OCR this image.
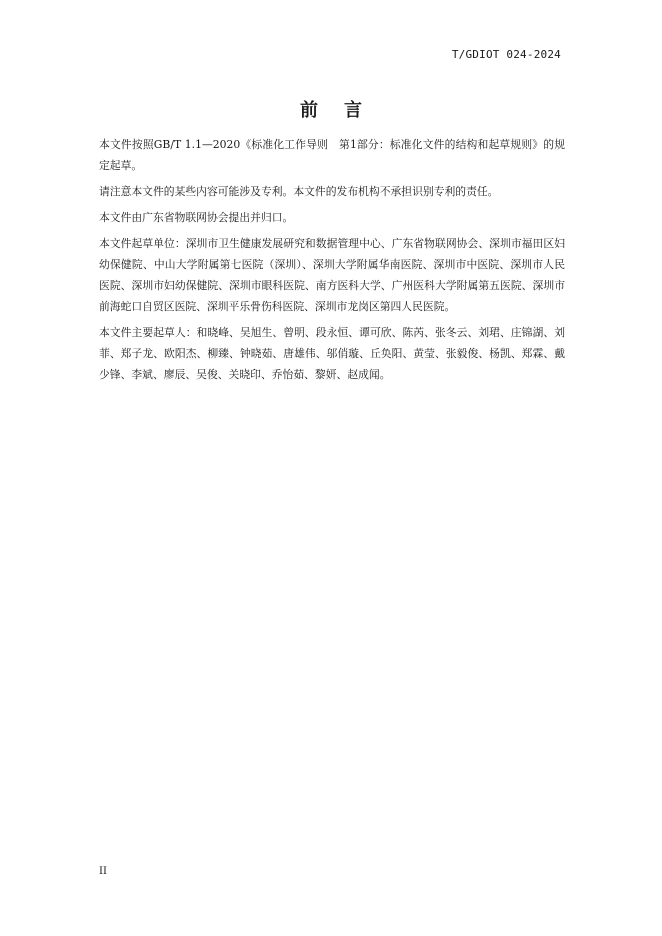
T/GDIOT 024-2024
前言

本文件按照GB/T 1.1—2020《标准化工作导则　第1部分：标准化文件的结构和起草规则》的规定起草。

请注意本文件的某些内容可能涉及专利。本文件的发布机构不承担识别专利的责任。

本文件由广东省物联网协会提出并归口。

本文件起草单位：深圳市卫生健康发展研究和数据管理中心、广东省物联网协会、深圳市福田区妇幼保健院、中山大学附属第七医院（深圳）、深圳大学附属华南医院、深圳市中医院、深圳市人民医院、深圳市妇幼保健院、深圳市眼科医院、南方医科大学、广州医科大学附属第五医院、深圳市前海蛇口自贸区医院、深圳平乐骨伤科医院、深圳市龙岗区第四人民医院。

本文件主要起草人：和晓峰、吴旭生、曾明、段永恒、谭可欣、陈芮、张冬云、刘珺、庄锦湖、刘菲、郑子龙、欧阳杰、柳臻、钟晓茹、唐雄伟、邬俏璇、丘奂阳、黄莹、张毅俊、杨凯、郑霖、戴少锋、李斌、廖辰、吴俊、关晓印、乔怡茹、黎妍、赵成闻。

II
